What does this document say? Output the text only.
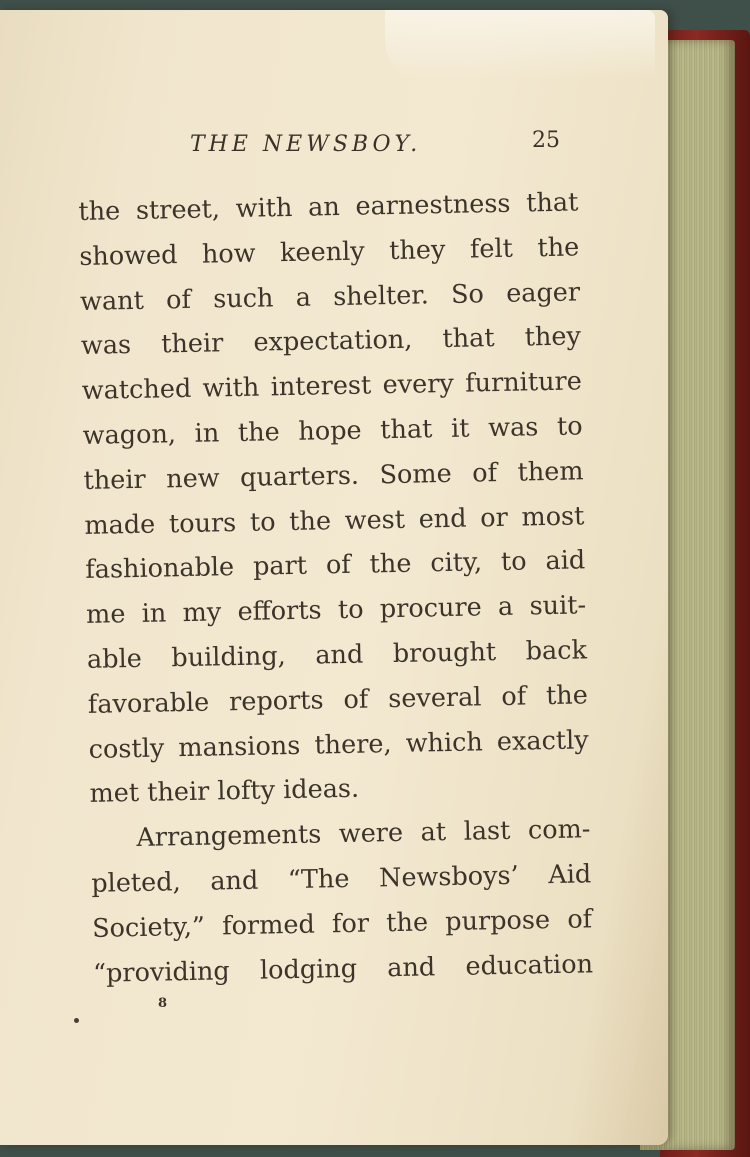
THE NEWSBOY.	25
the street, with an earnestness that
showed how keenly they felt the
want of such a shelter. So eager
was their expectation, that they
watched with interest every furniture
wagon, in the hope that it was to
their new quarters. Some of them
made tours to the west end or most
fashionable part of the city, to aid
me in my efforts to procure a suit-
able building, and brought back
favorable reports of several of the
costly mansions there, which exactly
met their lofty ideas.
Arrangements were at last com-
pleted, and “The Newsboys’ Aid
Society,” formed for the purpose of
“providing lodging and education
8
